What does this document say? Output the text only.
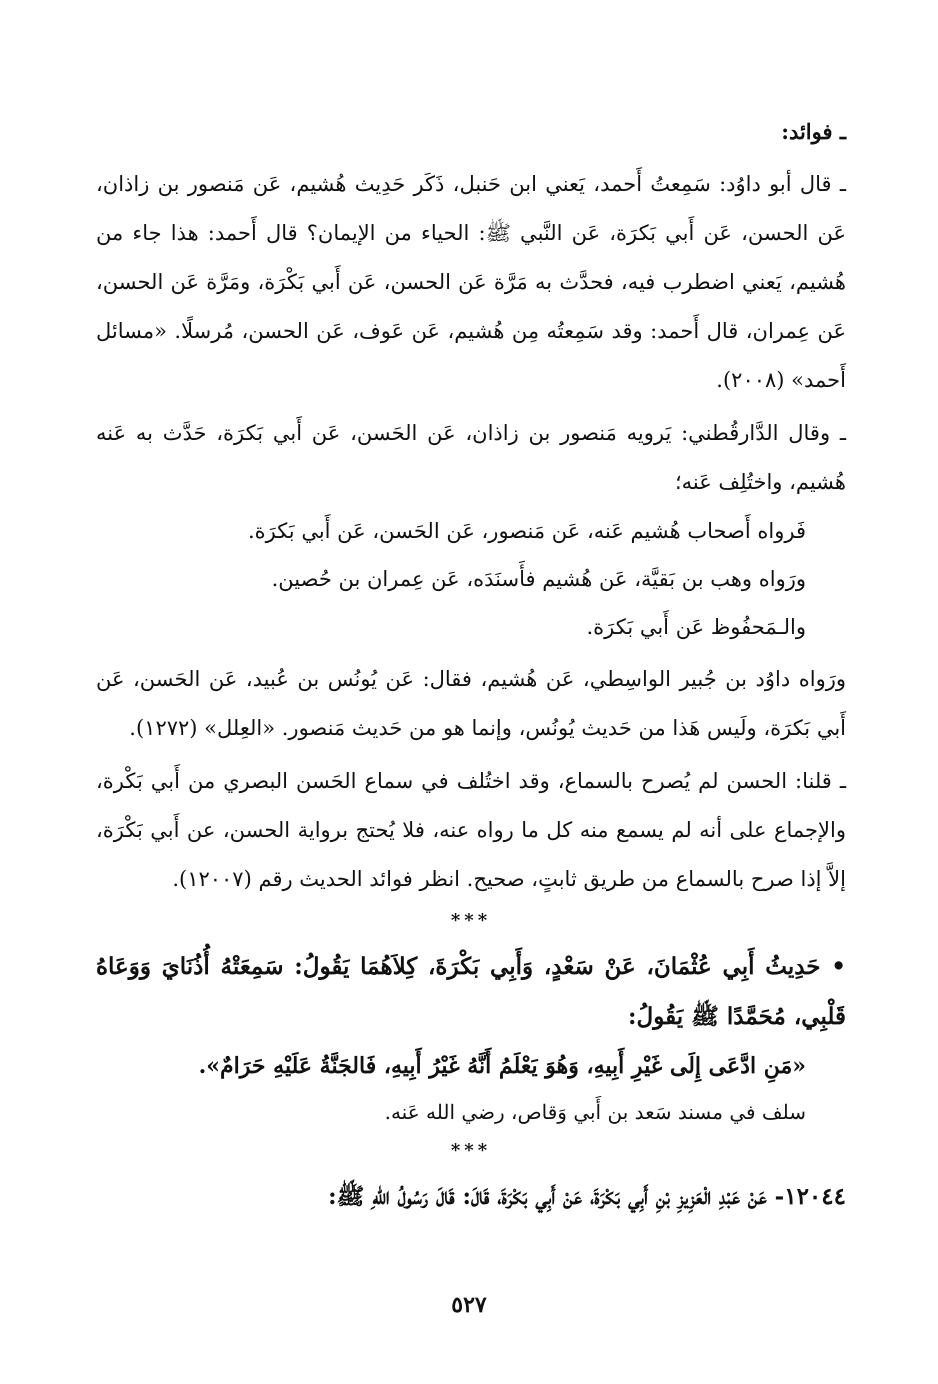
ـ فوائد:

ـ قال أبو داوُد: سَمِعتُ أَحمد، يَعني ابن حَنبل، ذَكَر حَدِيث هُشيم، عَن مَنصور بن زاذان، عَن الحسن، عَن أَبي بَكرَة، عَن النَّبي ﷺ: الحياء من الإيمان؟ قال أَحمد: هذا جاء من هُشيم، يَعني اضطرب فيه، فحدَّث به مَرَّة عَن الحسن، عَن أَبي بَكْرَة، ومَرَّة عَن الحسن، عَن عِمران، قال أَحمد: وقد سَمِعتُه مِن هُشيم، عَن عَوف، عَن الحسن، مُرسلًا. «مسائل أَحمد» (٢٠٠٨).

ـ وقال الدَّارقُطني: يَرويه مَنصور بن زاذان، عَن الحَسن، عَن أَبي بَكرَة، حَدَّث به عَنه هُشيم، واختُلِف عَنه؛

فَرواه أَصحاب هُشيم عَنه، عَن مَنصور، عَن الحَسن، عَن أَبي بَكرَة.

ورَواه وهب بن بَقيَّة، عَن هُشيم فأَسنَدَه، عَن عِمران بن حُصين.

والـمَحفُوظ عَن أَبي بَكرَة.

ورَواه داوُد بن جُبير الواسِطي، عَن هُشيم، فقال: عَن يُونُس بن عُبيد، عَن الحَسن، عَن أَبي بَكرَة، ولَيس هَذا من حَديث يُونُس، وإنما هو من حَديث مَنصور. «العِلل» (١٢٧٢).

ـ قلنا: الحسن لم يُصرح بالسماع، وقد اختُلف في سماع الحَسن البصري من أَبي بَكْرة، والإجماع على أنه لم يسمع منه كل ما رواه عنه، فلا يُحتج برواية الحسن، عن أَبي بَكْرَة، إلاَّ إذا صرح بالسماع من طريق ثابتٍ، صحيح. انظر فوائد الحديث رقم (١٢٠٠٧).

***

• حَدِيثُ أَبِي عُثْمَانَ، عَنْ سَعْدٍ، وَأَبِي بَكْرَةَ، كِلاَهُمَا يَقُولُ: سَمِعَتْهُ أُذُنَايَ وَوَعَاهُ قَلْبِي، مُحَمَّدًا ﷺ يَقُولُ:

«مَنِ ادَّعَى إِلَى غَيْرِ أَبِيهِ، وَهُوَ يَعْلَمُ أَنَّهُ غَيْرُ أَبِيهِ، فَالجَنَّةُ عَلَيْهِ حَرَامٌ».

سلف في مسند سَعد بن أَبي وَقاص، رضي الله عَنه.

***

١٢٠٤٤- عَنْ عَبْدِ الْعَزِيزِ بْنِ أَبِي بَكْرَةَ، عَنْ أَبِي بَكْرَةَ، قَالَ: قَالَ رَسُولُ اللهِ ﷺ:

٥٢٧
